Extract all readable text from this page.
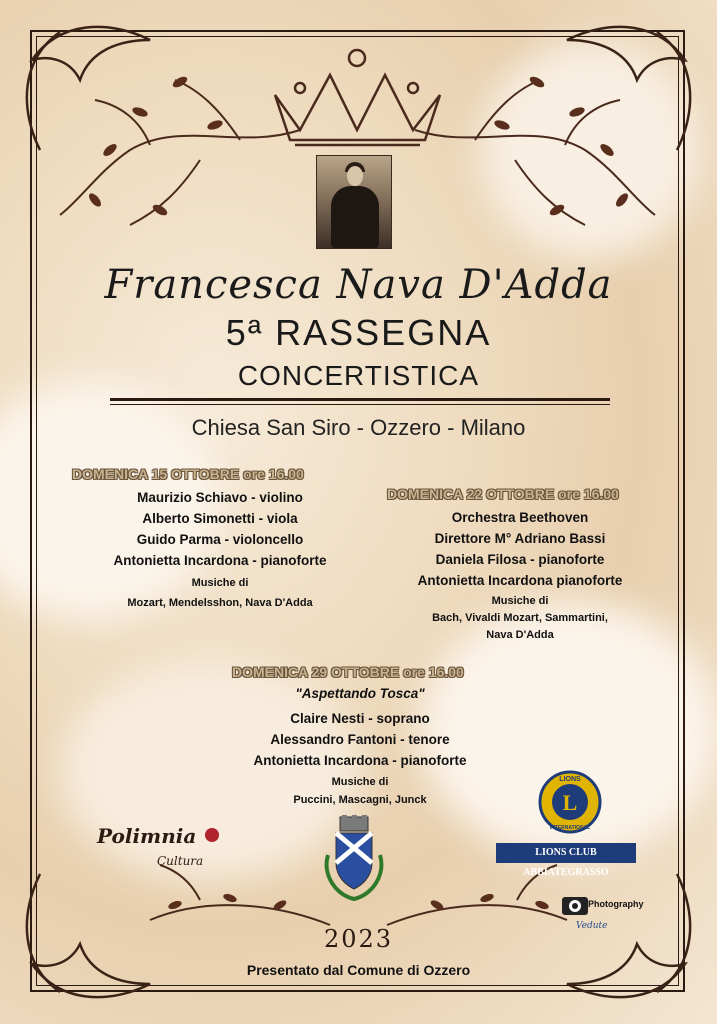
Francesca Nava D'Adda
5ª RASSEGNA
CONCERTISTICA
Chiesa San Siro - Ozzero - Milano
DOMENICA 15 OTTOBRE ore 16.00
Maurizio Schiavo - violino
Alberto Simonetti - viola
Guido Parma - violoncello
Antonietta Incardona - pianoforte
Musiche di
Mozart, Mendelsshon, Nava D'Adda
DOMENICA 22 OTTOBRE ore 16.00
Orchestra Beethoven
Direttore M° Adriano Bassi
Daniela Filosa - pianoforte
Antonietta Incardona pianoforte
Musiche di
Bach, Vivaldi Mozart, Sammartini,
Nava D'Adda
DOMENICA 29 OTTOBRE ore 16.00
"Aspettando Tosca"
Claire Nesti - soprano
Alessandro Fantoni - tenore
Antonietta Incardona - pianoforte
Musiche di
Puccini, Mascagni, Junck
Polimnia
Cultura
L
LIONS
INTERNATIONAL
LIONS CLUB ABBIATEGRASSO
Photography
Vedute
2023
Presentato dal Comune di Ozzero
